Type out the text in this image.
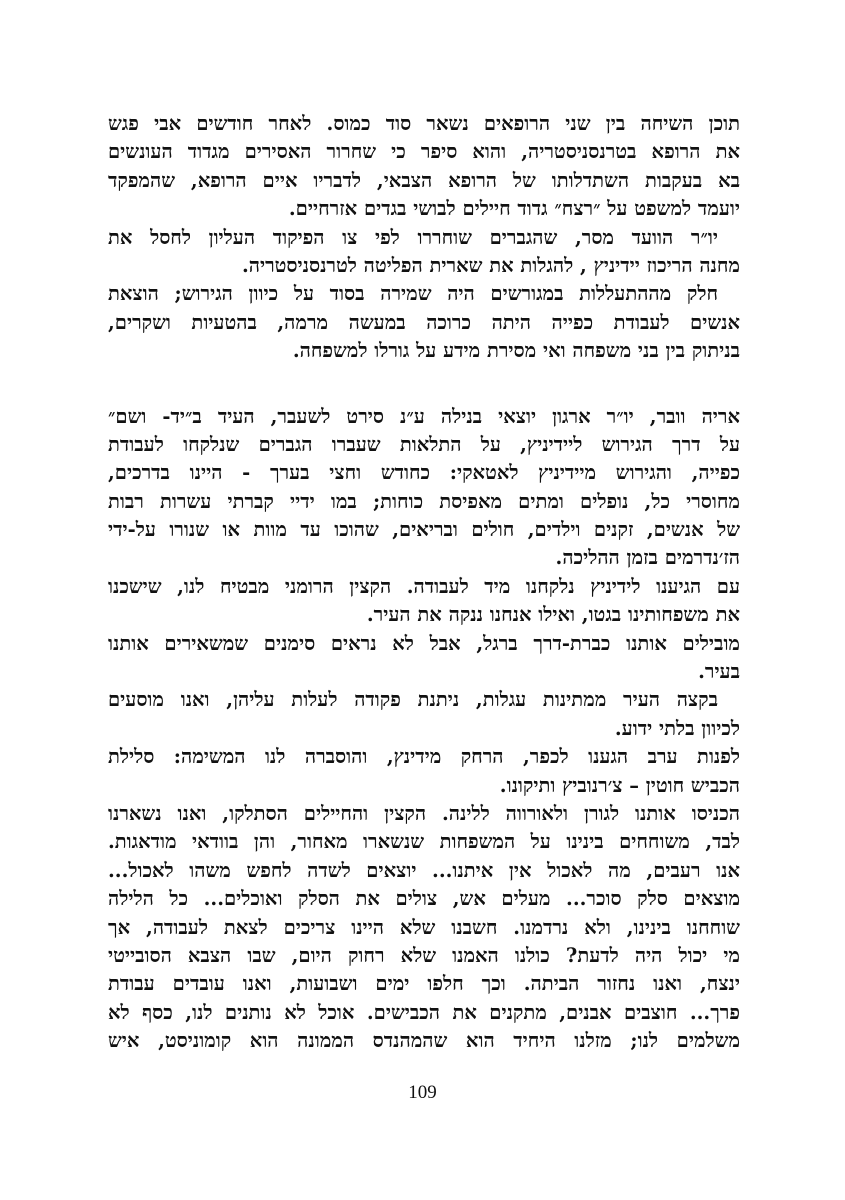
תוכן השיחה בין שני הרופאים נשאר סוד כמוס. לאחר חודשים אבי פגש
את הרופא בטרנסניסטריה, והוא סיפר כי שחרור האסירים מגדוד העונשים
בא בעקבות השתדלותו של הרופא הצבאי, לדבריו איים הרופא, שהמפקד
יועמד למשפט על ״רצח״ גדוד חיילים לבושי בגדים אזרחיים.
יו״ר הוועד מסר, שהגברים שוחררו לפי צו הפיקוד העליון לחסל את
מחנה הריכוז יידיניץ , להגלות את שארית הפליטה לטרנסניסטריה.
חלק מההתעללות במגורשים היה שמירה בסוד על כיוון הגירוש; הוצאת
אנשים לעבודת כפייה היתה כרוכה במעשה מרמה, בהטעיות ושקרים,
בניתוק בין בני משפחה ואי מסירת מידע על גורלו למשפחה.
אריה וובר, יו״ר ארגון יוצאי בנילה ע״נ סירט לשעבר, העיד ב״יד- ושם״
על דרך הגירוש ליידיניץ, על התלאות שעברו הגברים שנלקחו לעבודת
כפייה, והגירוש מיידיניץ לאטאקי: כחודש וחצי בערך - היינו בדרכים,
מחוסרי כל, נופלים ומתים מאפיסת כוחות; במו ידיי קברתי עשרות רבות
של אנשים, זקנים וילדים, חולים ובריאים, שהוכו עד מוות או שנורו על-ידי
הז׳נדרמים בזמן ההליכה.
עם הגיענו לידיניץ נלקחנו מיד לעבודה. הקצין הרומני מבטיח לנו, שישכנו
את משפחותינו בגטו, ואילו אנחנו ננקה את העיר.
מובילים אותנו כברת-דרך ברגל, אבל לא נראים סימנים שמשאירים אותנו
בעיר.
בקצה העיר ממתינות עגלות, ניתנת פקודה לעלות עליהן, ואנו מוסעים
לכיוון בלתי ידוע.
לפנות ערב הגענו לכפר, הרחק מידינץ, והוסברה לנו המשימה: סלילת
הכביש חוטין – צ׳רנוביץ ותיקונו.
הכניסו אותנו לגורן ולאורווה ללינה. הקצין והחיילים הסתלקו, ואנו נשארנו
לבד, משוחחים בינינו על המשפחות שנשארו מאחור, והן בוודאי מודאגות.
אנו רעבים, מה לאכול אין איתנו... יוצאים לשדה לחפש משהו לאכול...
מוצאים סלק סוכר... מעלים אש, צולים את הסלק ואוכלים... כל הלילה
שוחחנו בינינו, ולא נרדמנו. חשבנו שלא היינו צריכים לצאת לעבודה, אך
מי יכול היה לדעת? כולנו האמנו שלא רחוק היום, שבו הצבא הסובייטי
ינצח, ואנו נחזור הביתה. וכך חלפו ימים ושבועות, ואנו עובדים עבודת
פרך... חוצבים אבנים, מתקנים את הכבישים. אוכל לא נותנים לנו, כסף לא
משלמים לנו; מזלנו היחיד הוא שהמהנדס הממונה הוא קומוניסט, איש
109
